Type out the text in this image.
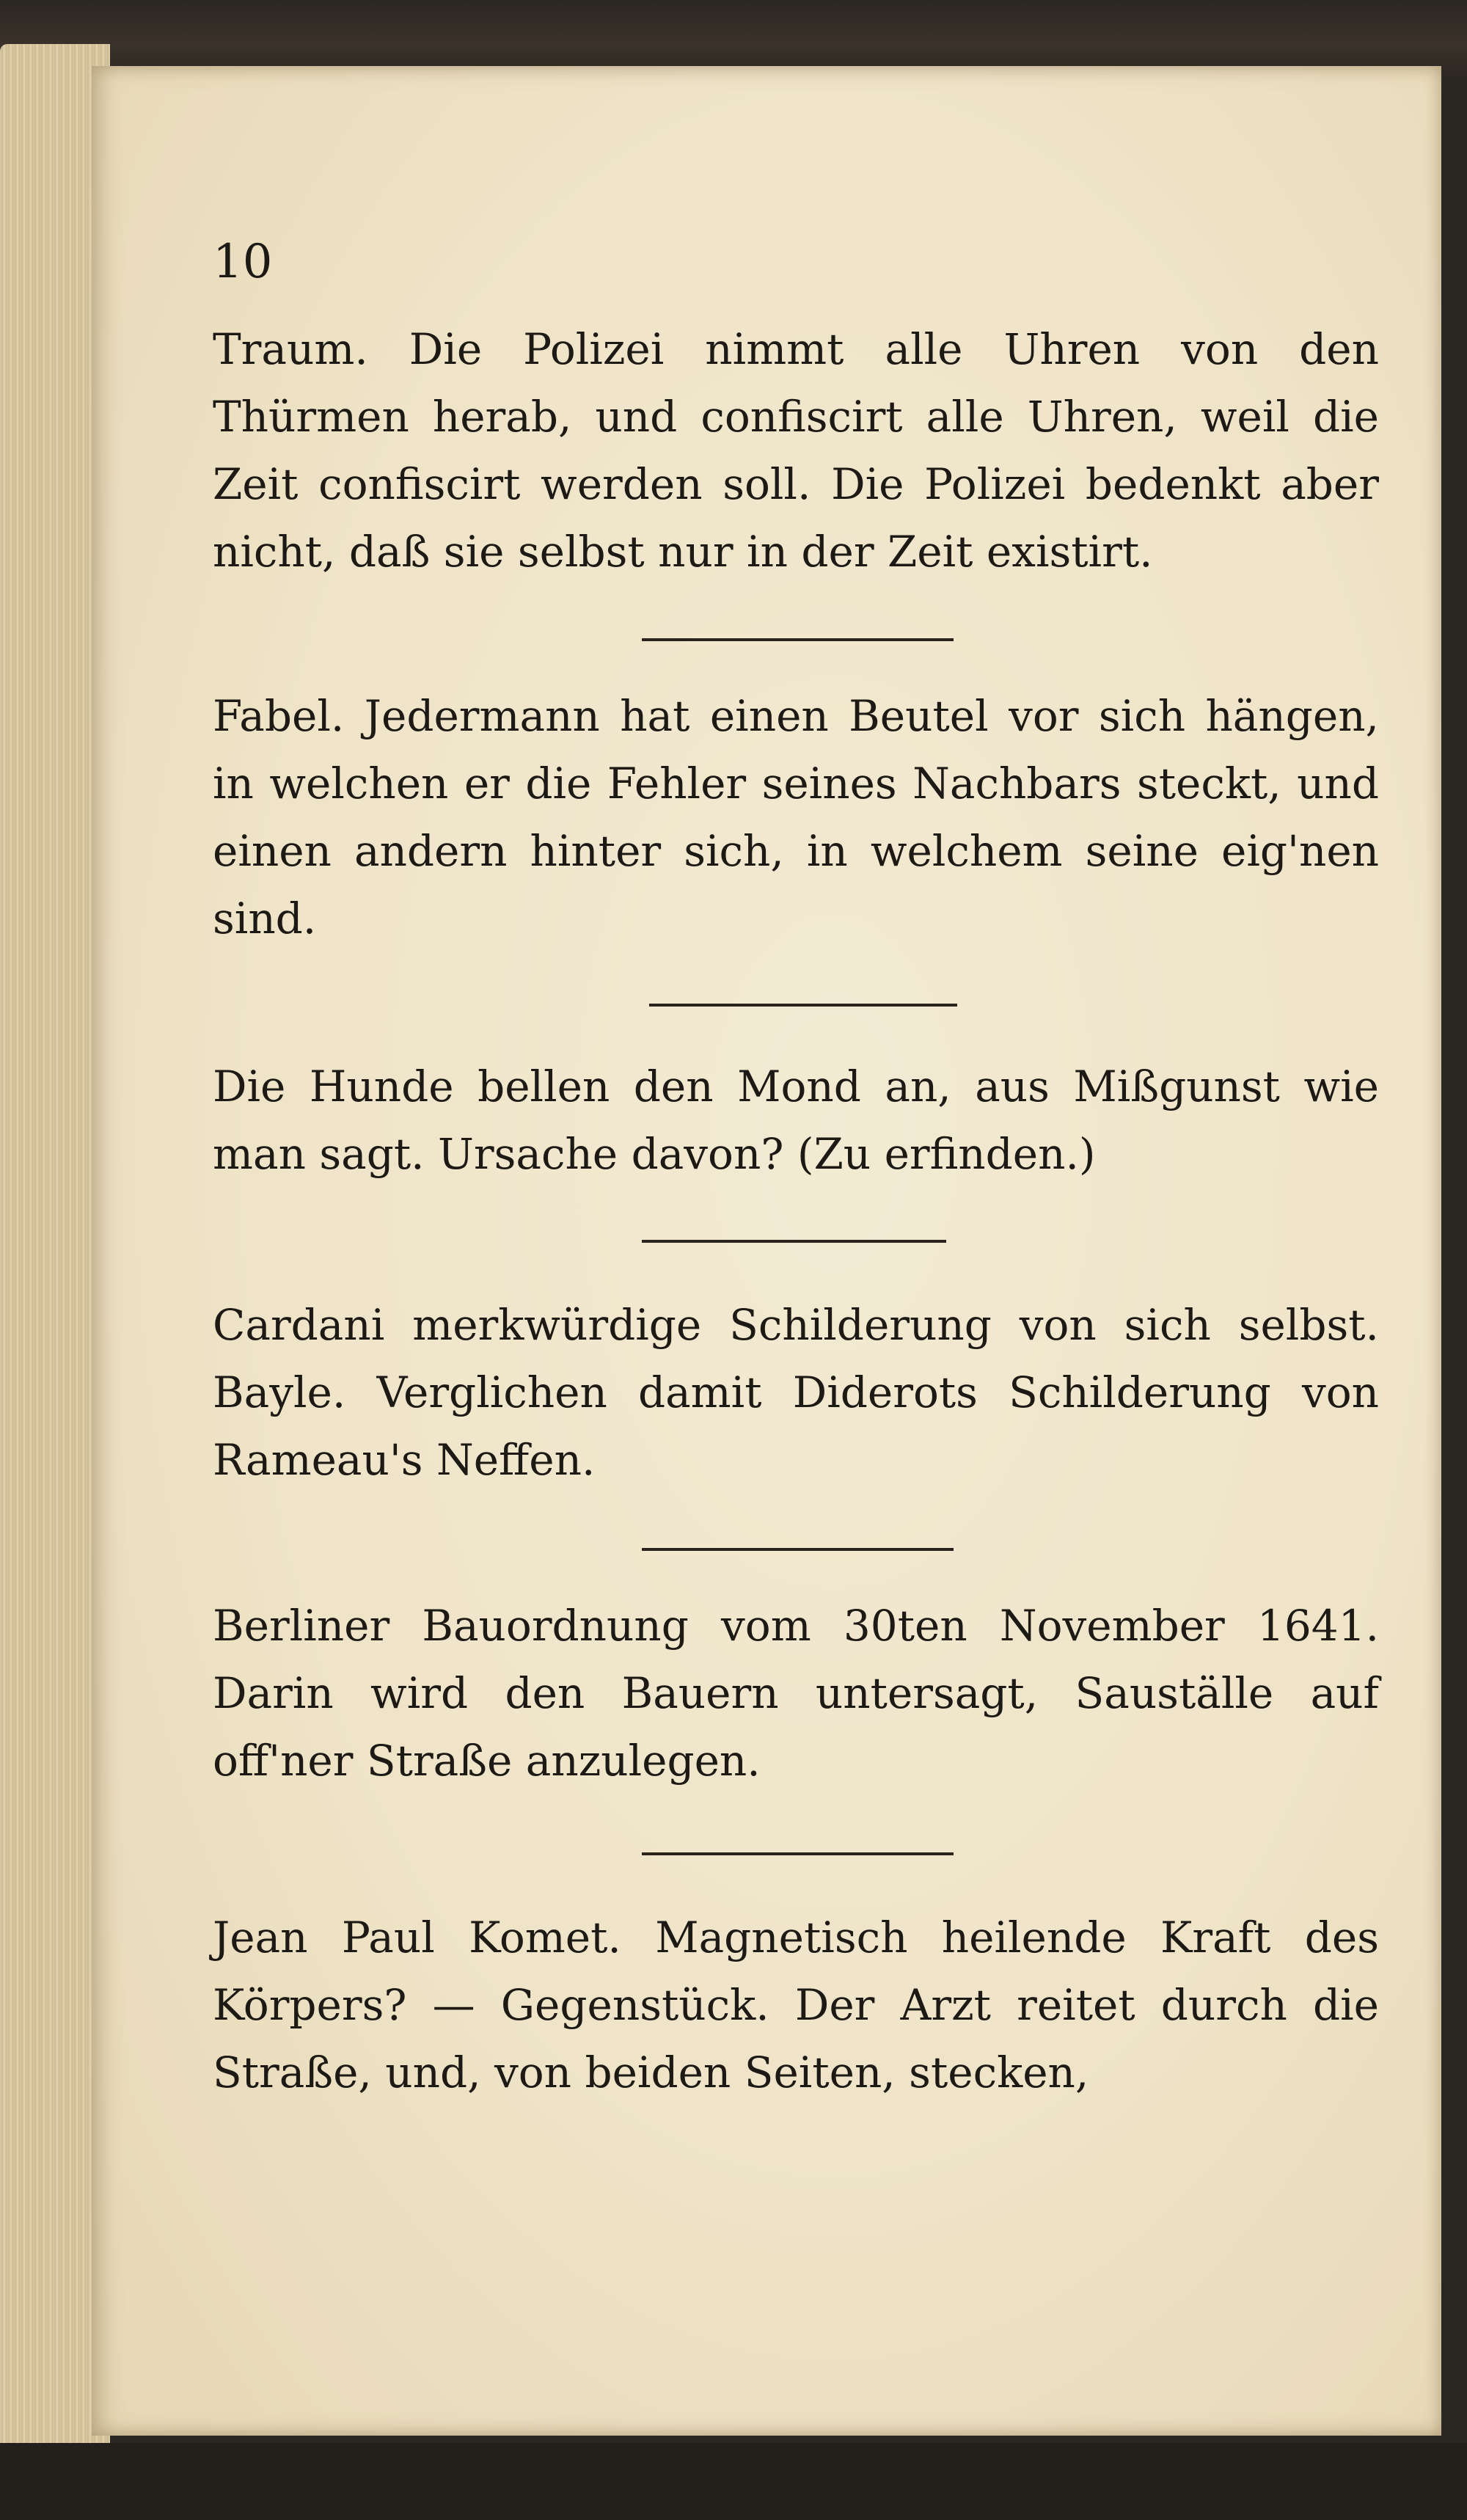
10

Traum. Die Polizei nimmt alle Uhren von den Thürmen herab, und confiscirt alle Uhren, weil die Zeit confiscirt werden soll. Die Polizei bedenkt aber nicht, daß sie selbst nur in der Zeit existirt.

Fabel. Jedermann hat einen Beutel vor sich hängen, in welchen er die Fehler seines Nachbars steckt, und einen andern hinter sich, in welchem seine eig'nen sind.

Die Hunde bellen den Mond an, aus Mißgunst wie man sagt. Ursache davon? (Zu erfinden.)

Cardani merkwürdige Schilderung von sich selbst. Bayle. Verglichen damit Diderots Schilderung von Rameau's Neffen.

Berliner Bauordnung vom 30ten November 1641. Darin wird den Bauern untersagt, Sauställe auf off'ner Straße anzulegen.

Jean Paul Komet. Magnetisch heilende Kraft des Körpers? — Gegenstück. Der Arzt reitet durch die Straße, und, von beiden Seiten, stecken,
